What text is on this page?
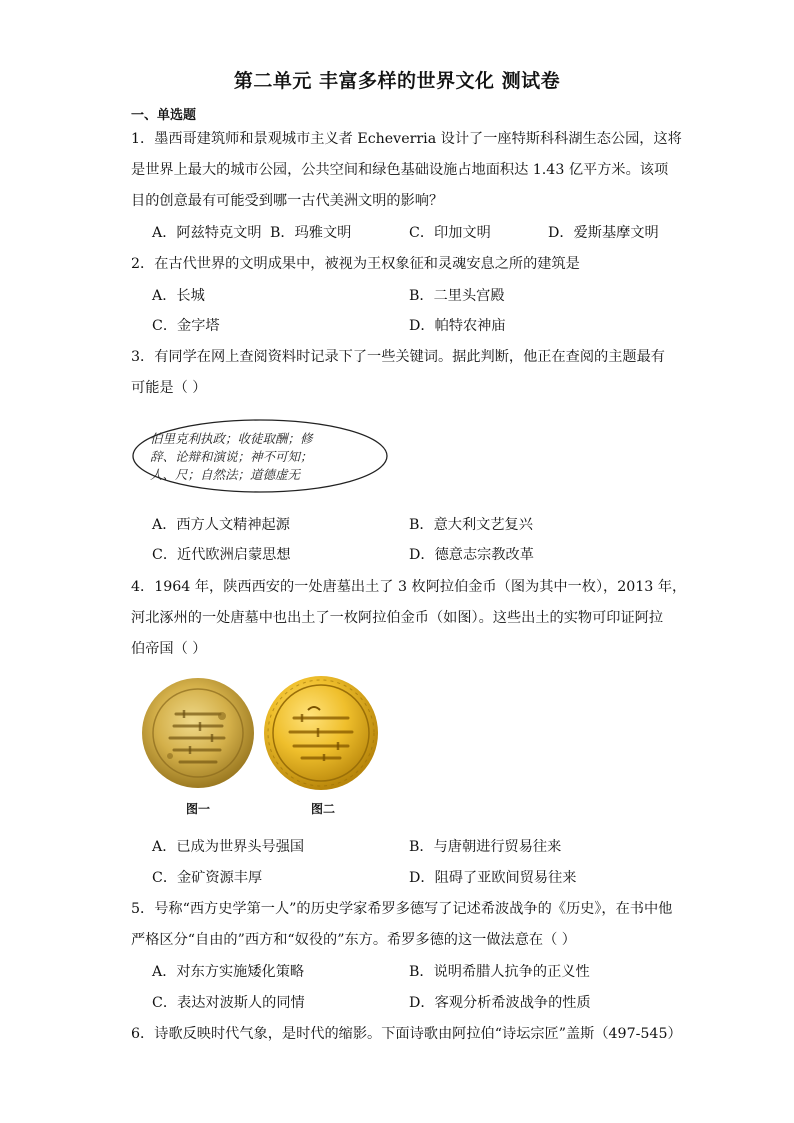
第二单元 丰富多样的世界文化 测试卷
一、单选题
1．墨西哥建筑师和景观城市主义者 Echeverria 设计了一座特斯科科湖生态公园，这将
是世界上最大的城市公园，公共空间和绿色基础设施占地面积达 1.43 亿平方米。该项
目的创意最有可能受到哪一古代美洲文明的影响？
A．阿兹特克文明 B．玛雅文明	C．印加文明	D．爱斯基摩文明
2．在古代世界的文明成果中，被视为王权象征和灵魂安息之所的建筑是
A．长城	B．二里头宫殿
C．金字塔	D．帕特农神庙
3．有同学在网上查阅资料时记录下了一些关键词。据此判断，他正在查阅的主题最有
可能是（ ）
伯里克利执政；收徒取酬；修
辞、论辩和演说；神不可知；
人、尺；自然法；道德虚无
A．西方人文精神起源	B．意大利文艺复兴
C．近代欧洲启蒙思想	D．德意志宗教改革
4．1964 年，陕西西安的一处唐墓出土了 3 枚阿拉伯金币（图为其中一枚），2013 年，
河北涿州的一处唐墓中也出土了一枚阿拉伯金币（如图）。这些出土的实物可印证阿拉
伯帝国（ ）
图一	图二
A．已成为世界头号强国	B．与唐朝进行贸易往来
C．金矿资源丰厚	D．阻碍了亚欧间贸易往来
5．号称“西方史学第一人”的历史学家希罗多德写了记述希波战争的《历史》，在书中他
严格区分“自由的”西方和“奴役的”东方。希罗多德的这一做法意在（ ）
A．对东方实施矮化策略	B．说明希腊人抗争的正义性
C．表达对波斯人的同情	D．客观分析希波战争的性质
6．诗歌反映时代气象，是时代的缩影。下面诗歌由阿拉伯“诗坛宗匠”盖斯（497-545）
